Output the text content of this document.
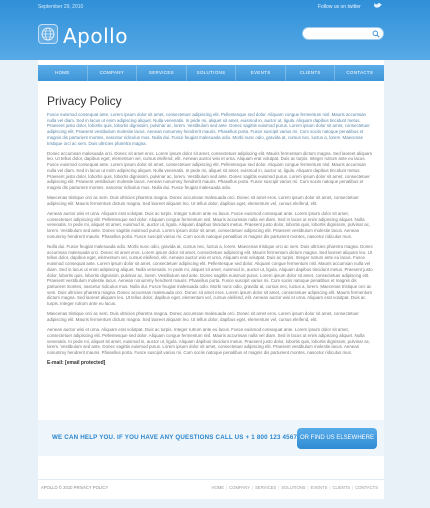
September 29, 2010	Follow us on twitter
Apollo
HOME	COMPANY	SERVICES	SOLUTIONS	EVENTS	CLIENTS	CONTACTS
Privacy Policy

Fusce euismod consequat ante. Lorem ipsum dolor sit amet, consectetuer adipiscing elit. Pellentesque sed dolor. Aliquam congue fermentum nisl. Mauris accumsan nulla vel diam. Sed in lacus ut enim adipiscing aliquet. Nulla venenatis. In pede mi, aliquet sit amet, euismod in, auctor ut, ligula. Aliquam dapibus tincidunt metus. Praesent justo dolor, lobortis quis, lobortis dignissim, pulvinar ac, lorem. Vestibulum sed ante. Donec sagittis euismod purus. Lorem ipsum dolor sit amet, consectetuer adipiscing elit. Praesent vestibulum molestie lacus. Aenean nonummy hendrerit mauris. Phasellus porta. Fusce suscipit varius mi. Cum sociis natoque penatibus et magnis dis parturient montes, nascetur ridiculus mus. Nulla dui. Fusce feugiat malesuada odio. Morbi nunc odio, gravida at, cursus nec, luctus a, lorem. Maecenas tristique orci ac sem. Duis ultricies pharetra magna.

Donec accumsan malesuada orci. Donec sit amet eros. Lorem ipsum dolor sit amet, consectetuer adipiscing elit. Mauris fermentum dictum magna. Sed laoreet aliquam leo. Ut tellus dolor, dapibus eget, elementum vel, cursus eleifend, elit. Aenean auctor wisi et urna. Aliquam erat volutpat. Duis ac turpis. Integer rutrum ante eu lacus. Fusce euismod consequat ante. Lorem ipsum dolor sit amet, consectetuer adipiscing elit. Pellentesque sed dolor. Aliquam congue fermentum nisl. Mauris accumsan nulla vel diam. Sed in lacus ut enim adipiscing aliquet. Nulla venenatis. In pede mi, aliquet sit amet, euismod in, auctor ut, ligula. Aliquam dapibus tincidunt metus. Praesent justo dolor, lobortis quis, lobortis dignissim, pulvinar ac, lorem. Vestibulum sed ante. Donec sagittis euismod purus. Lorem ipsum dolor sit amet, consectetuer adipiscing elit. Praesent vestibulum molestie lacus. Aenean nonummy hendrerit mauris. Phasellus porta. Fusce suscipit varius mi. Cum sociis natoque penatibus et magnis dis parturient montes, nascetur ridiculus mus. Nulla dui. Fusce feugiat malesuada odio.

Maecenas tristique orci ac sem. Duis ultricies pharetra magna. Donec accumsan malesuada orci. Donec sit amet eros. Lorem ipsum dolor sit amet, consectetuer adipiscing elit. Mauris fermentum dictum magna. Sed laoreet aliquam leo. Ut tellus dolor, dapibus eget, elementum vel, cursus eleifend, elit.

Aenean auctor wisi et urna. Aliquam erat volutpat. Duis ac turpis. Integer rutrum ante eu lacus. Fusce euismod consequat ante. Lorem ipsum dolor sit amet, consectetuer adipiscing elit. Pellentesque sed dolor. Aliquam congue fermentum nisl. Mauris accumsan nulla vel diam. Sed in lacus ut enim adipiscing aliquet. Nulla venenatis. In pede mi, aliquet sit amet, euismod in, auctor ut, ligula. Aliquam dapibus tincidunt metus. Praesent justo dolor, lobortis quis, lobortis dignissim, pulvinar ac, lorem. Vestibulum sed ante. Donec sagittis euismod purus. Lorem ipsum dolor sit amet, consectetuer adipiscing elit. Praesent vestibulum molestie lacus. Aenean nonummy hendrerit mauris. Phasellus porta. Fusce suscipit varius mi. Cum sociis natoque penatibus et magnis dis parturient montes, nascetur ridiculus mus.

Nulla dui. Fusce feugiat malesuada odio. Morbi nunc odio, gravida at, cursus nec, luctus a, lorem. Maecenas tristique orci ac sem. Duis ultricies pharetra magna. Donec accumsan malesuada orci. Donec sit amet eros. Lorem ipsum dolor sit amet, consectetuer adipiscing elit. Mauris fermentum dictum magna. Sed laoreet aliquam leo. Ut tellus dolor, dapibus eget, elementum vel, cursus eleifend, elit. Aenean auctor wisi et urna. Aliquam erat volutpat. Duis ac turpis. Integer rutrum ante eu lacus. Fusce euismod consequat ante. Lorem ipsum dolor sit amet, consectetuer adipiscing elit. Pellentesque sed dolor. Aliquam congue fermentum nisl. Mauris accumsan nulla vel diam. Sed in lacus ut enim adipiscing aliquet. Nulla venenatis. In pede mi, aliquet sit amet, euismod in, auctor ut, ligula. Aliquam dapibus tincidunt metus. Praesent justo dolor, lobortis quis, lobortis dignissim, pulvinar ac, lorem. Vestibulum sed ante. Donec sagittis euismod purus. Lorem ipsum dolor sit amet, consectetuer adipiscing elit. Praesent vestibulum molestie lacus. Aenean nonummy hendrerit mauris. Phasellus porta. Fusce suscipit varius mi. Cum sociis natoque penatibus et magnis dis parturient montes, nascetur ridiculus mus. Nulla dui. Fusce feugiat malesuada odio. Morbi nunc odio, gravida at, cursus nec, luctus a, lorem. Maecenas tristique orci ac sem. Duis ultricies pharetra magna. Donec accumsan malesuada orci. Donec sit amet eros. Lorem ipsum dolor sit amet, consectetuer adipiscing elit. Mauris fermentum dictum magna. Sed laoreet aliquam leo. Ut tellus dolor, dapibus eget, elementum vel, cursus eleifend, elit. Aenean auctor wisi et urna. Aliquam erat volutpat. Duis ac turpis. Integer rutrum ante eu lacus.

Maecenas tristique orci ac sem. Duis ultricies pharetra magna. Donec accumsan malesuada orci. Donec sit amet eros. Lorem ipsum dolor sit amet, consectetuer adipiscing elit. Mauris fermentum dictum magna. Sed laoreet aliquam leo. Ut tellus dolor, dapibus eget, elementum vel, cursus eleifend, elit.

Aenean auctor wisi et urna. Aliquam erat volutpat. Duis ac turpis. Integer rutrum ante eu lacus. Fusce euismod consequat ante. Lorem ipsum dolor sit amet, consectetuer adipiscing elit. Pellentesque sed dolor. Aliquam congue fermentum nisl. Mauris accumsan nulla vel diam. Sed in lacus ut enim adipiscing aliquet. Nulla venenatis. In pede mi, aliquet sit amet, euismod in, auctor ut, ligula. Aliquam dapibus tincidunt metus. Praesent justo dolor, lobortis quis, lobortis dignissim, pulvinar ac, lorem. Vestibulum sed ante. Donec sagittis euismod purus. Lorem ipsum dolor sit amet, consectetuer adipiscing elit. Praesent vestibulum molestie lacus. Aenean nonummy hendrerit mauris. Phasellus porta. Fusce suscipit varius mi. Cum sociis natoque penatibus et magnis dis parturient montes, nascetur ridiculus mus.

E-mail: [email protected]
WE CAN HELP YOU. IF YOU HAVE ANY QUESTIONS CALL US + 1 800 123 4567 OR FIND US ELSEWHERE
APOLLO © 2010 PRIVACY POLICY	HOME | COMPANY | SERVICES | SOLUTIONS | EVENTS | CLIENTS | CONTACTS
